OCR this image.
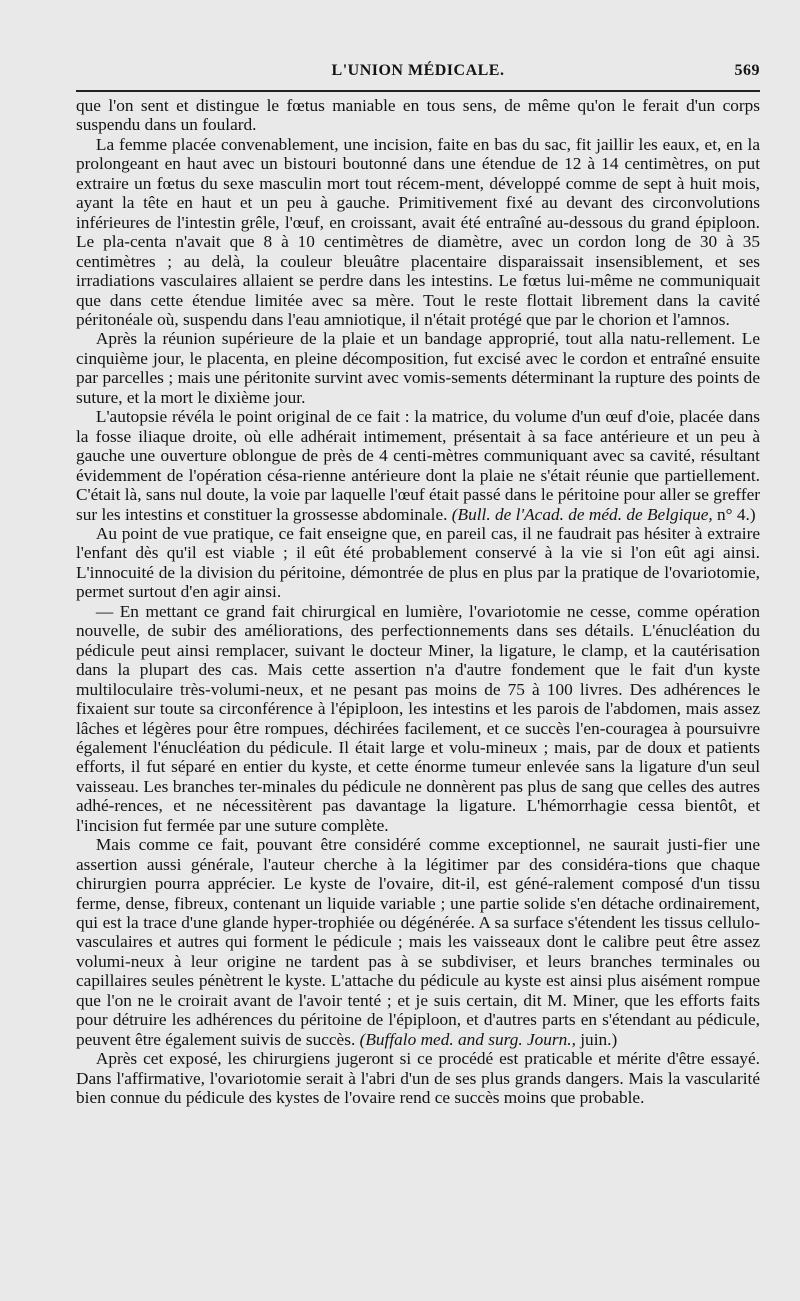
L'UNION MÉDICALE.	569

que l'on sent et distingue le fœtus maniable en tous sens, de même qu'on le ferait d'un corps suspendu dans un foulard.

La femme placée convenablement, une incision, faite en bas du sac, fit jaillir les eaux, et, en la prolongeant en haut avec un bistouri boutonné dans une étendue de 12 à 14 centimètres, on put extraire un fœtus du sexe masculin mort tout récem-ment, développé comme de sept à huit mois, ayant la tête en haut et un peu à gauche. Primitivement fixé au devant des circonvolutions inférieures de l'intestin grêle, l'œuf, en croissant, avait été entraîné au-dessous du grand épiploon. Le pla-centa n'avait que 8 à 10 centimètres de diamètre, avec un cordon long de 30 à 35 centimètres ; au delà, la couleur bleuâtre placentaire disparaissait insensiblement, et ses irradiations vasculaires allaient se perdre dans les intestins. Le fœtus lui-même ne communiquait que dans cette étendue limitée avec sa mère. Tout le reste flottait librement dans la cavité péritonéale où, suspendu dans l'eau amniotique, il n'était protégé que par le chorion et l'amnos.

Après la réunion supérieure de la plaie et un bandage approprié, tout alla natu-rellement. Le cinquième jour, le placenta, en pleine décomposition, fut excisé avec le cordon et entraîné ensuite par parcelles ; mais une péritonite survint avec vomis-sements déterminant la rupture des points de suture, et la mort le dixième jour.

L'autopsie révéla le point original de ce fait : la matrice, du volume d'un œuf d'oie, placée dans la fosse iliaque droite, où elle adhérait intimement, présentait à sa face antérieure et un peu à gauche une ouverture oblongue de près de 4 centi-mètres communiquant avec sa cavité, résultant évidemment de l'opération césa-rienne antérieure dont la plaie ne s'était réunie que partiellement. C'était là, sans nul doute, la voie par laquelle l'œuf était passé dans le péritoine pour aller se greffer sur les intestins et constituer la grossesse abdominale. (Bull. de l'Acad. de méd. de Belgique, n° 4.)

Au point de vue pratique, ce fait enseigne que, en pareil cas, il ne faudrait pas hésiter à extraire l'enfant dès qu'il est viable ; il eût été probablement conservé à la vie si l'on eût agi ainsi. L'innocuité de la division du péritoine, démontrée de plus en plus par la pratique de l'ovariotomie, permet surtout d'en agir ainsi.

— En mettant ce grand fait chirurgical en lumière, l'ovariotomie ne cesse, comme opération nouvelle, de subir des améliorations, des perfectionnements dans ses détails. L'énucléation du pédicule peut ainsi remplacer, suivant le docteur Miner, la ligature, le clamp, et la cautérisation dans la plupart des cas. Mais cette assertion n'a d'autre fondement que le fait d'un kyste multiloculaire très-volumi-neux, et ne pesant pas moins de 75 à 100 livres. Des adhérences le fixaient sur toute sa circonférence à l'épiploon, les intestins et les parois de l'abdomen, mais assez lâches et légères pour être rompues, déchirées facilement, et ce succès l'en-couragea à poursuivre également l'énucléation du pédicule. Il était large et volu-mineux ; mais, par de doux et patients efforts, il fut séparé en entier du kyste, et cette énorme tumeur enlevée sans la ligature d'un seul vaisseau. Les branches ter-minales du pédicule ne donnèrent pas plus de sang que celles des autres adhé-rences, et ne nécessitèrent pas davantage la ligature. L'hémorrhagie cessa bientôt, et l'incision fut fermée par une suture complète.

Mais comme ce fait, pouvant être considéré comme exceptionnel, ne saurait justi-fier une assertion aussi générale, l'auteur cherche à la légitimer par des considéra-tions que chaque chirurgien pourra apprécier. Le kyste de l'ovaire, dit-il, est géné-ralement composé d'un tissu ferme, dense, fibreux, contenant un liquide variable ; une partie solide s'en détache ordinairement, qui est la trace d'une glande hyper-trophiée ou dégénérée. A sa surface s'étendent les tissus cellulo-vasculaires et autres qui forment le pédicule ; mais les vaisseaux dont le calibre peut être assez volumi-neux à leur origine ne tardent pas à se subdiviser, et leurs branches terminales ou capillaires seules pénètrent le kyste. L'attache du pédicule au kyste est ainsi plus aisément rompue que l'on ne le croirait avant de l'avoir tenté ; et je suis certain, dit M. Miner, que les efforts faits pour détruire les adhérences du péritoine de l'épiploon, et d'autres parts en s'étendant au pédicule, peuvent être également suivis de succès. (Buffalo med. and surg. Journ., juin.)

Après cet exposé, les chirurgiens jugeront si ce procédé est praticable et mérite d'être essayé. Dans l'affirmative, l'ovariotomie serait à l'abri d'un de ses plus grands dangers. Mais la vascularité bien connue du pédicule des kystes de l'ovaire rend ce succès moins que probable.
